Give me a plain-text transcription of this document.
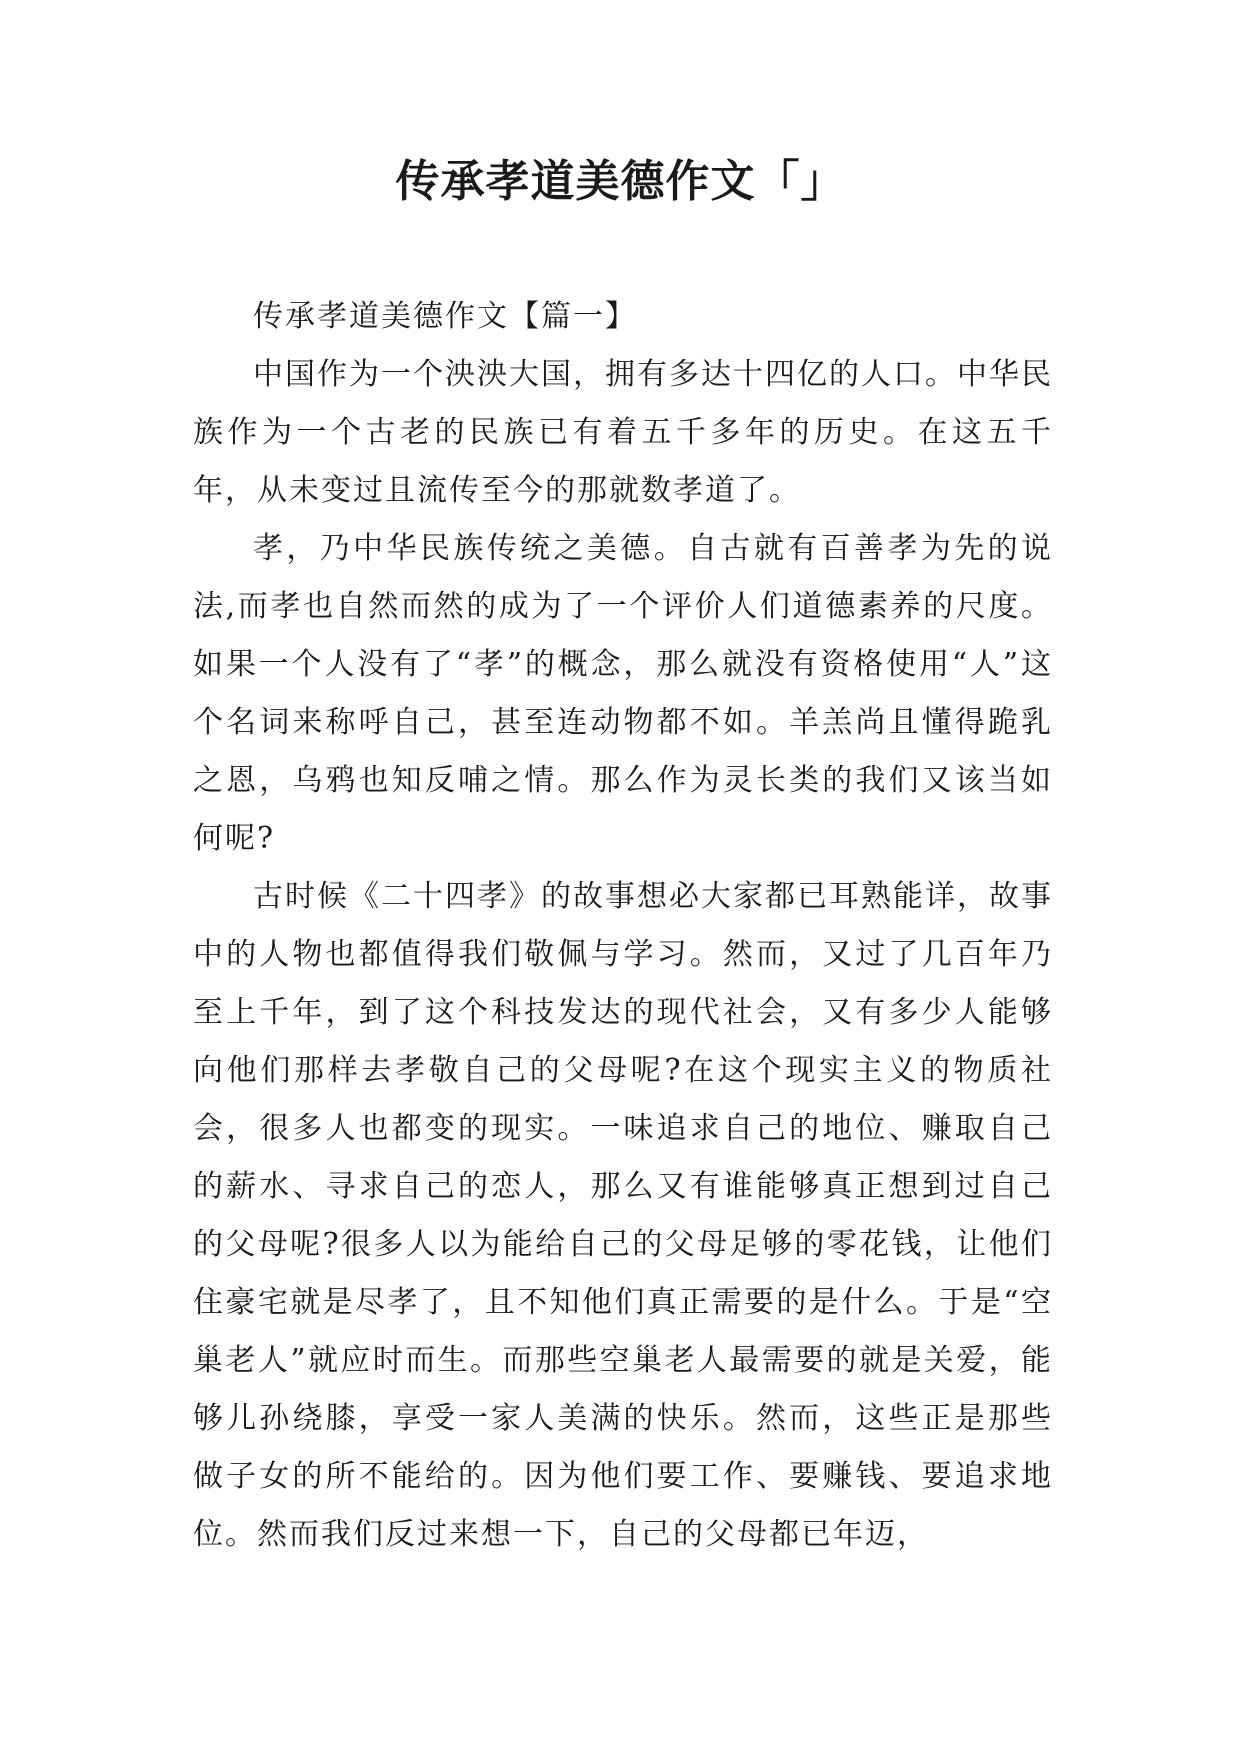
传承孝道美德作文「」

传承孝道美德作文【篇一】

中国作为一个泱泱大国，拥有多达十四亿的人口。中华民族作为一个古老的民族已有着五千多年的历史。在这五千年，从未变过且流传至今的那就数孝道了。

孝，乃中华民族传统之美德。自古就有百善孝为先的说法,而孝也自然而然的成为了一个评价人们道德素养的尺度。如果一个人没有了“孝”的概念，那么就没有资格使用“人”这个名词来称呼自己，甚至连动物都不如。羊羔尚且懂得跪乳之恩，乌鸦也知反哺之情。那么作为灵长类的我们又该当如何呢?

古时候《二十四孝》的故事想必大家都已耳熟能详，故事中的人物也都值得我们敬佩与学习。然而，又过了几百年乃至上千年，到了这个科技发达的现代社会，又有多少人能够向他们那样去孝敬自己的父母呢?在这个现实主义的物质社会，很多人也都变的现实。一味追求自己的地位、赚取自己的薪水、寻求自己的恋人，那么又有谁能够真正想到过自己的父母呢?很多人以为能给自己的父母足够的零花钱，让他们住豪宅就是尽孝了，且不知他们真正需要的是什么。于是“空巢老人”就应时而生。而那些空巢老人最需要的就是关爱，能够儿孙绕膝，享受一家人美满的快乐。然而，这些正是那些做子女的所不能给的。因为他们要工作、要赚钱、要追求地位。然而我们反过来想一下，自己的父母都已年迈，
